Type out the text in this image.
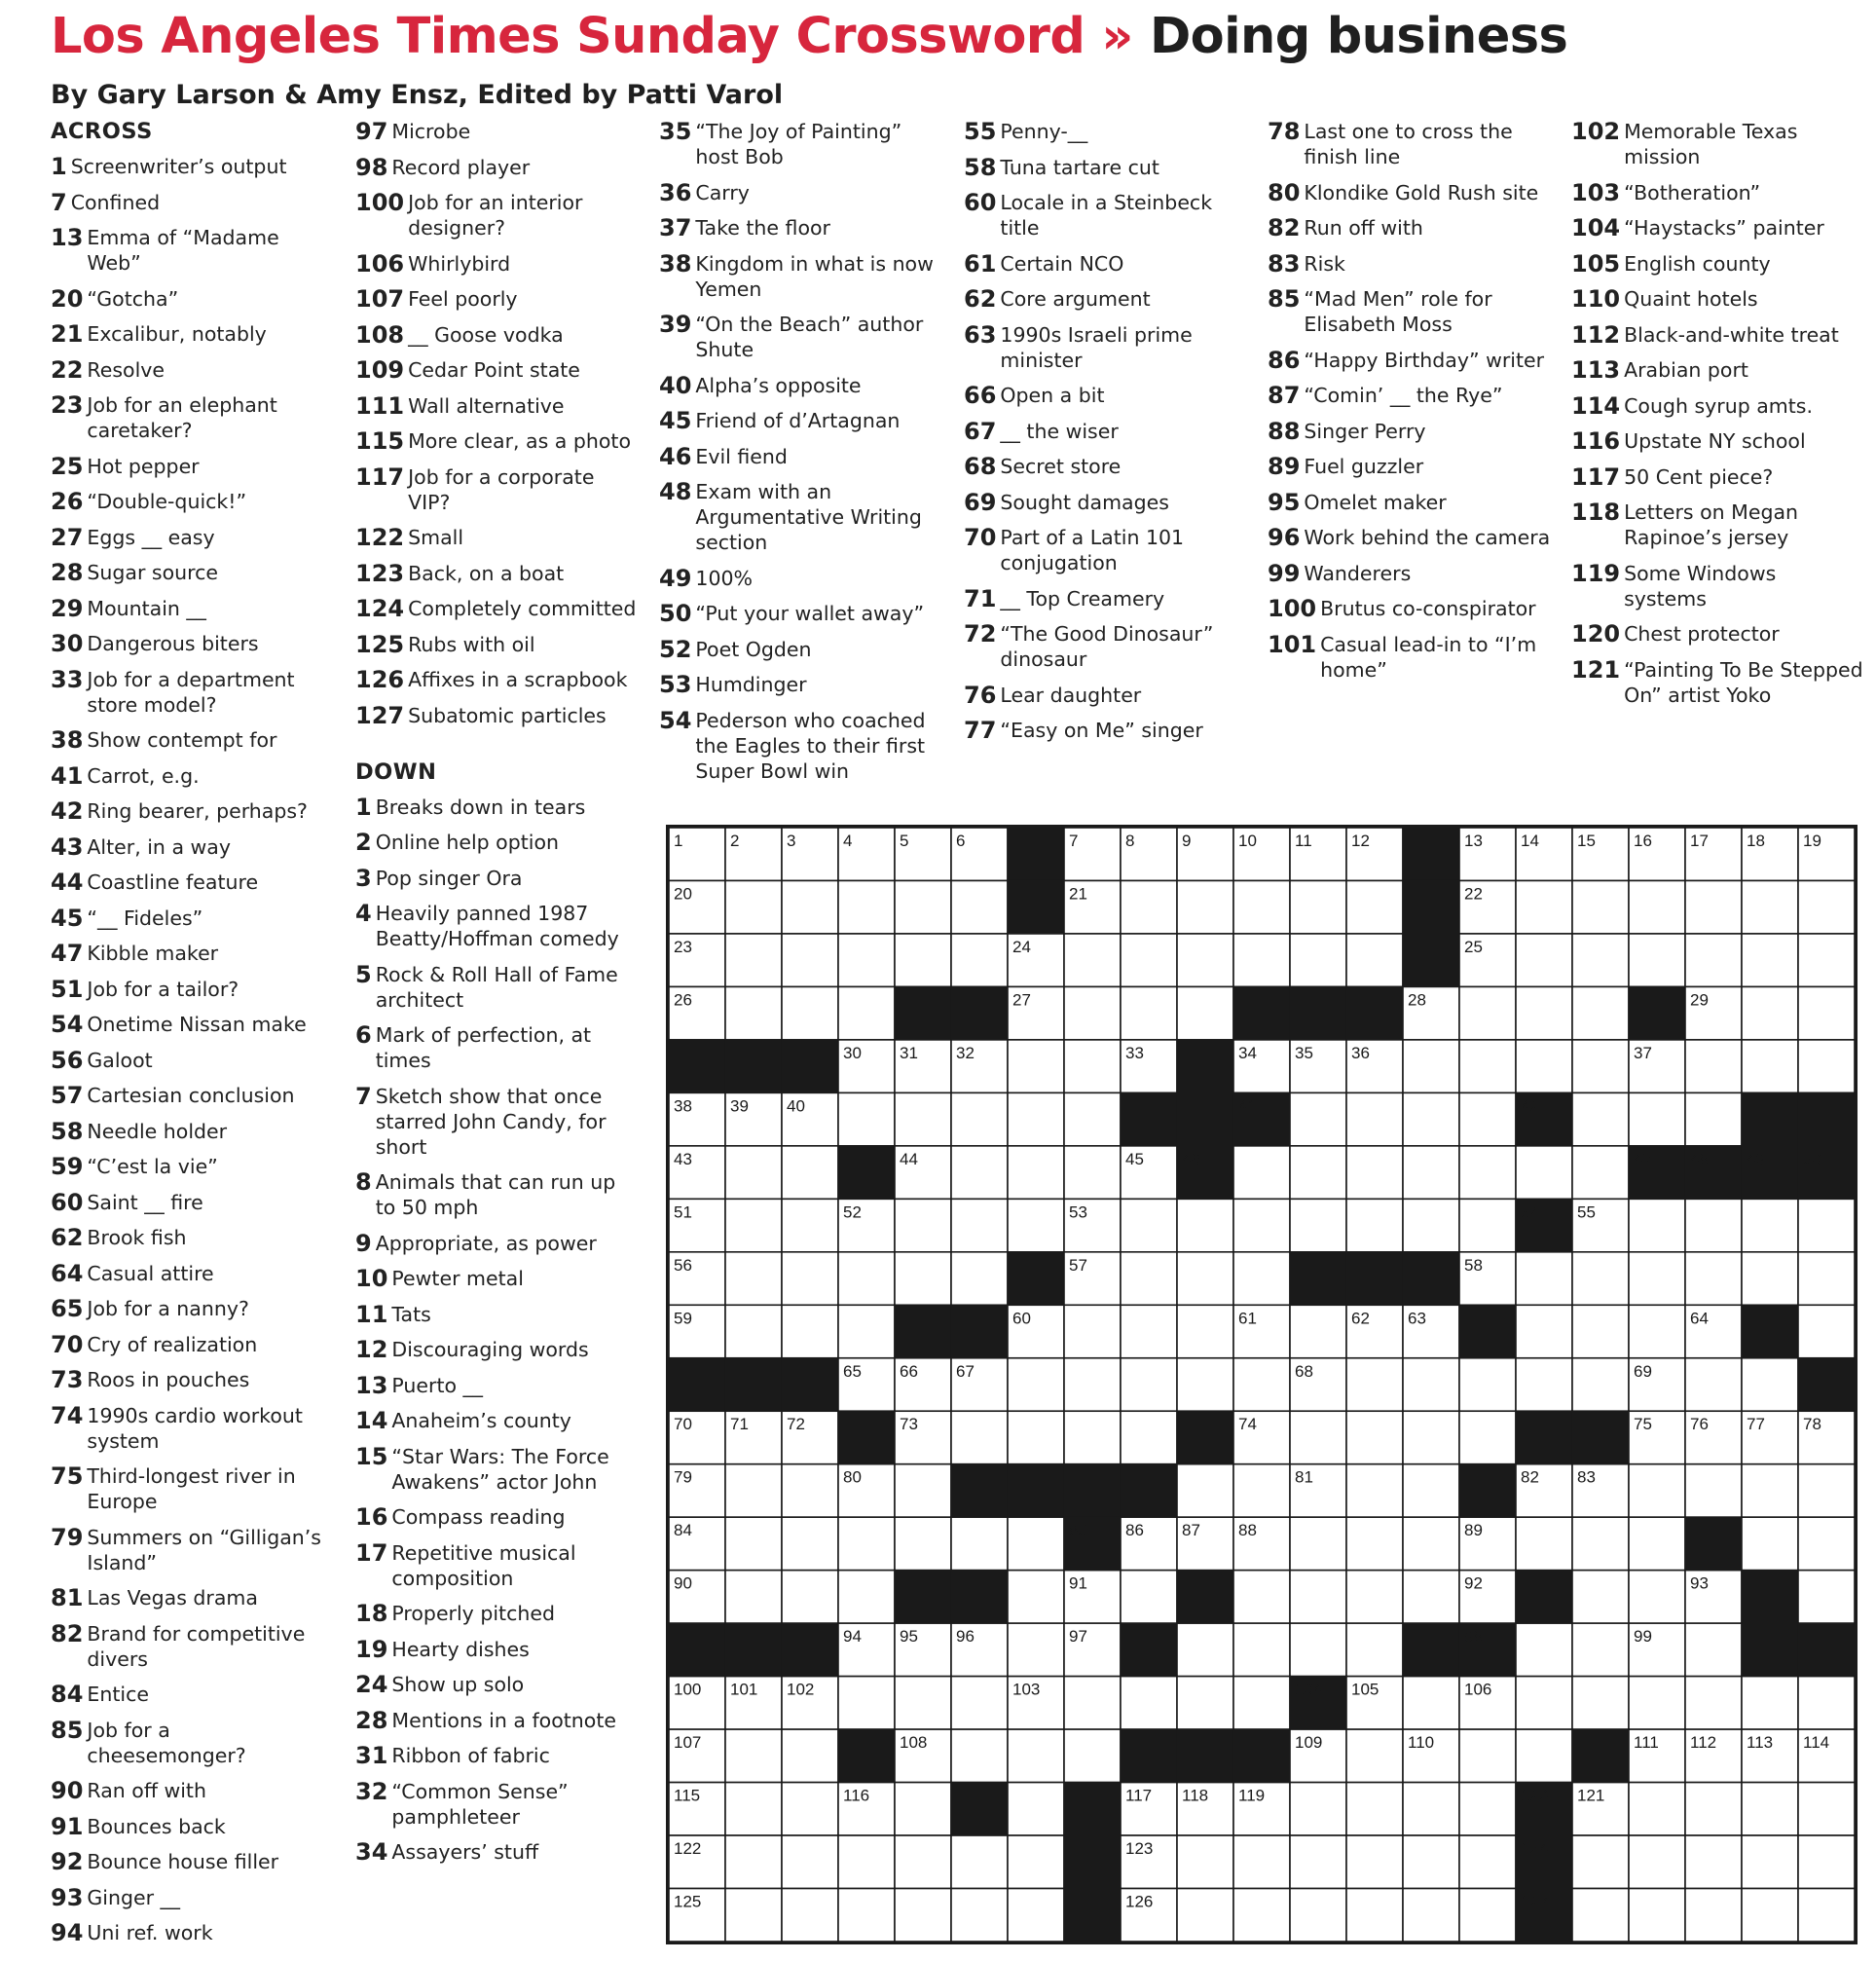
Los Angeles Times Sunday Crossword » Doing business
By Gary Larson & Amy Ensz, Edited by Patti Varol
ACROSS
1 Screenwriter’s output
7 Confined
13 Emma of “Madame Web”
20 “Gotcha”
21 Excalibur, notably
22 Resolve
23 Job for an elephant caretaker?
25 Hot pepper
26 “Double-quick!”
27 Eggs __ easy
28 Sugar source
29 Mountain __
30 Dangerous biters
33 Job for a department store model?
38 Show contempt for
41 Carrot, e.g.
42 Ring bearer, perhaps?
43 Alter, in a way
44 Coastline feature
45 “__ Fideles”
47 Kibble maker
51 Job for a tailor?
54 Onetime Nissan make
56 Galoot
57 Cartesian conclusion
58 Needle holder
59 “C’est la vie”
60 Saint __ fire
62 Brook fish
64 Casual attire
65 Job for a nanny?
70 Cry of realization
73 Roos in pouches
74 1990s cardio workout system
75 Third-longest river in Europe
79 Summers on “Gilligan’s Island”
81 Las Vegas drama
82 Brand for competitive divers
84 Entice
85 Job for a cheesemonger?
90 Ran off with
91 Bounces back
92 Bounce house filler
93 Ginger __
94 Uni ref. work
97 Microbe
98 Record player
100 Job for an interior designer?
106 Whirlybird
107 Feel poorly
108 __ Goose vodka
109 Cedar Point state
111 Wall alternative
115 More clear, as a photo
117 Job for a corporate VIP?
122 Small
123 Back, on a boat
124 Completely committed
125 Rubs with oil
126 Affixes in a scrapbook
127 Subatomic particles
DOWN
1 Breaks down in tears
2 Online help option
3 Pop singer Ora
4 Heavily panned 1987 Beatty/Hoffman comedy
5 Rock & Roll Hall of Fame architect
6 Mark of perfection, at times
7 Sketch show that once starred John Candy, for short
8 Animals that can run up to 50 mph
9 Appropriate, as power
10 Pewter metal
11 Tats
12 Discouraging words
13 Puerto __
14 Anaheim’s county
15 “Star Wars: The Force Awakens” actor John
16 Compass reading
17 Repetitive musical composition
18 Properly pitched
19 Hearty dishes
24 Show up solo
28 Mentions in a footnote
31 Ribbon of fabric
32 “Common Sense” pamphleteer
34 Assayers’ stuff
35 “The Joy of Painting” host Bob
36 Carry
37 Take the floor
38 Kingdom in what is now Yemen
39 “On the Beach” author Shute
40 Alpha’s opposite
45 Friend of d’Artagnan
46 Evil fiend
48 Exam with an Argumentative Writing section
49 100%
50 “Put your wallet away”
52 Poet Ogden
53 Humdinger
54 Pederson who coached the Eagles to their first Super Bowl win
55 Penny-__
58 Tuna tartare cut
60 Locale in a Steinbeck title
61 Certain NCO
62 Core argument
63 1990s Israeli prime minister
66 Open a bit
67 __ the wiser
68 Secret store
69 Sought damages
70 Part of a Latin 101 conjugation
71 __ Top Creamery
72 “The Good Dinosaur” dinosaur
76 Lear daughter
77 “Easy on Me” singer
78 Last one to cross the finish line
80 Klondike Gold Rush site
82 Run off with
83 Risk
85 “Mad Men” role for Elisabeth Moss
86 “Happy Birthday” writer
87 “Comin’ __ the Rye”
88 Singer Perry
89 Fuel guzzler
95 Omelet maker
96 Work behind the camera
99 Wanderers
100 Brutus co-conspirator
101 Casual lead-in to “I’m home”
102 Memorable Texas mission
103 “Botheration”
104 “Haystacks” painter
105 English county
110 Quaint hotels
112 Black-and-white treat
113 Arabian port
114 Cough syrup amts.
116 Upstate NY school
117 50 Cent piece?
118 Letters on Megan Rapinoe’s jersey
119 Some Windows systems
120 Chest protector
121 “Painting To Be Stepped On” artist Yoko
1	2	3	4	5	6	7	8	9	10 11 12	13 14 15 16 17 18 19
20	21	22
23	24	25
26	27	28	29
30 31 32	33	34 35 36	37
38 39 40	41	42
43	44	45 46	47 48 49 50
51	52	53	54 55
56	57	58
59	60	61	62 63	64
65 66 67	68	69
70 71 72	73	74	75 76 77 78
79	80	81	82 83
84	85 86 87 88	89
90	91	92	93
94 95 96	97	98	99
100 101 102	103	104 105	106
107	108	109	110	111 112 113 114
115	116	117 118 119	120 121
122	123	124
125	126	127
